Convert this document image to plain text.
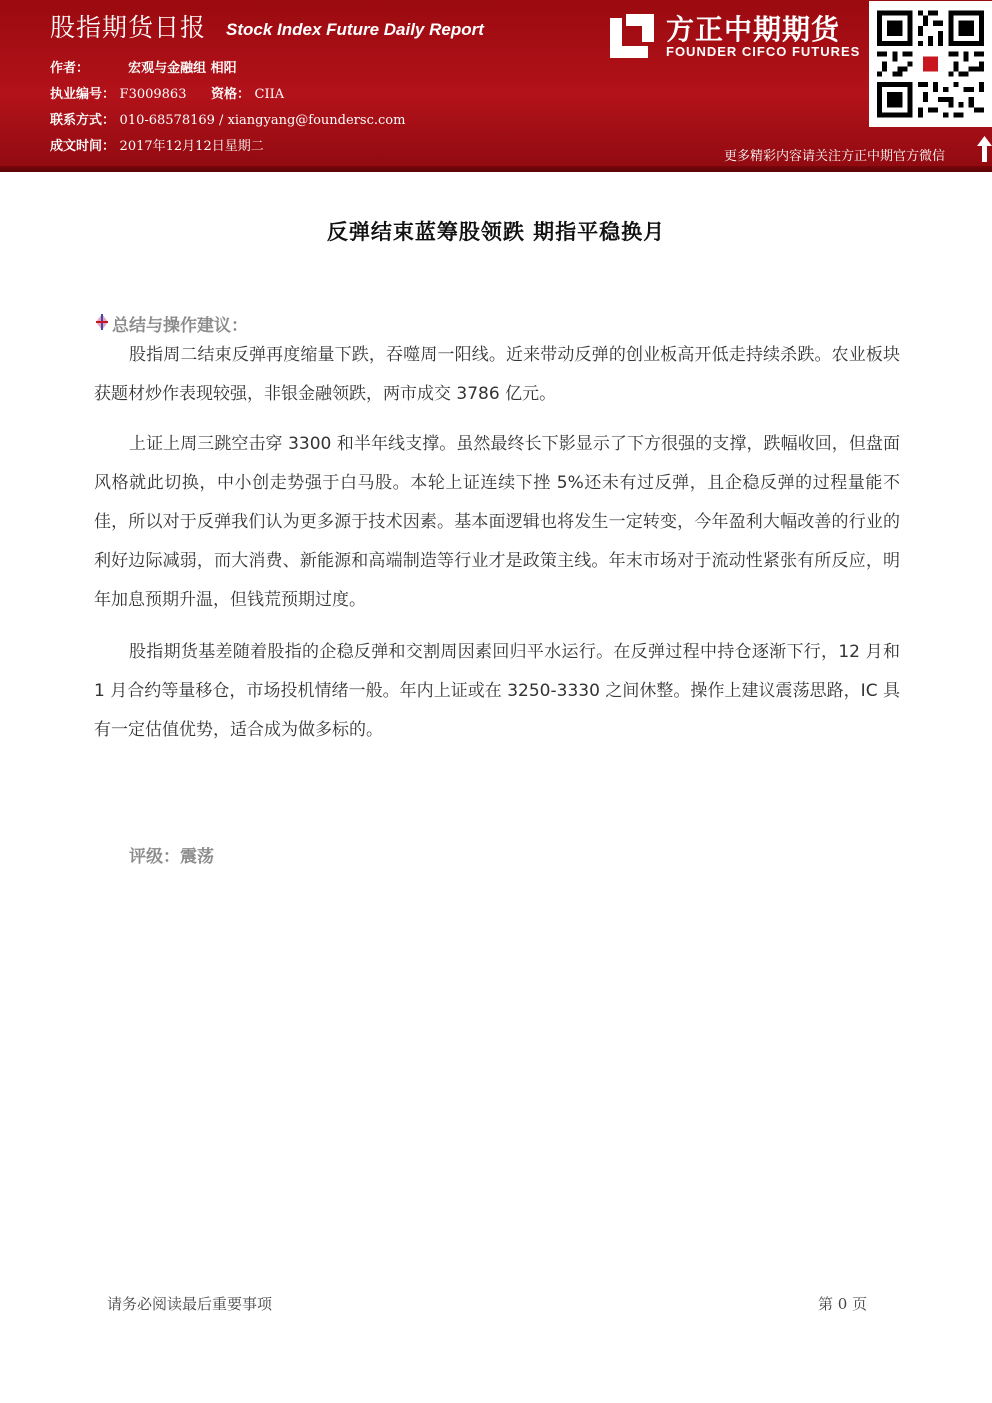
股指期货日报 Stock Index Future Daily Report
作者：	宏观与金融组 相阳
执业编号： F3009863 资格： CIIA
联系方式： 010-68578169 / xiangyang@foundersc.com
成文时间： 2017年12月12日星期二
方正中期期货
FOUNDER CIFCO FUTURES
更多精彩内容请关注方正中期官方微信
反弹结束蓝筹股领跌 期指平稳换月
总结与操作建议：

股指周二结束反弹再度缩量下跌，吞噬周一阳线。近来带动反弹的创业板高开低走持续杀跌。农业板块获题材炒作表现较强，非银金融领跌，两市成交 3786 亿元。

上证上周三跳空击穿 3300 和半年线支撑。虽然最终长下影显示了下方很强的支撑，跌幅收回，但盘面风格就此切换，中小创走势强于白马股。本轮上证连续下挫 5%还未有过反弹，且企稳反弹的过程量能不佳，所以对于反弹我们认为更多源于技术因素。基本面逻辑也将发生一定转变，今年盈利大幅改善的行业的利好边际减弱，而大消费、新能源和高端制造等行业才是政策主线。年末市场对于流动性紧张有所反应，明年加息预期升温，但钱荒预期过度。

股指期货基差随着股指的企稳反弹和交割周因素回归平水运行。在反弹过程中持仓逐渐下行，12 月和 1 月合约等量移仓，市场投机情绪一般。年内上证或在 3250-3330 之间休整。操作上建议震荡思路，IC 具有一定估值优势，适合成为做多标的。

评级：震荡
请务必阅读最后重要事项	第 0 页
